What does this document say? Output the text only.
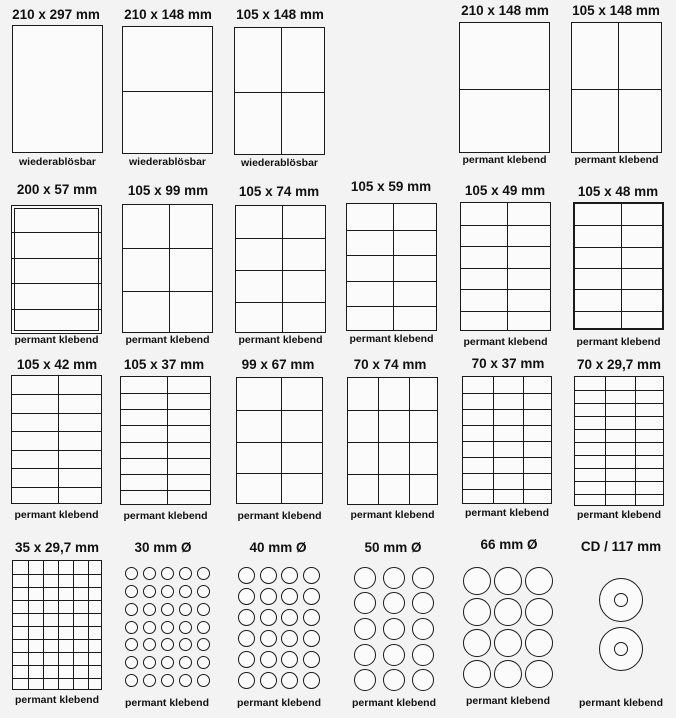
210 x 297 mm
wiederablösbar
210 x 148 mm
wiederablösbar
105 x 148 mm
wiederablösbar
210 x 148 mm
permant klebend
105 x 148 mm
permant klebend
200 x 57 mm
permant klebend
105 x 99 mm
permant klebend
105 x 74 mm
permant klebend
105 x 59 mm
permant klebend
105 x 49 mm
permant klebend
105 x 48 mm
permant klebend
105 x 42 mm
permant klebend
105 x 37 mm
permant klebend
99 x 67 mm
permant klebend
70 x 74 mm
permant klebend
70 x 37 mm
permant klebend
70 x 29,7 mm
permant klebend
35 x 29,7 mm
permant klebend
30 mm Ø
permant klebend
40 mm Ø
permant klebend
50 mm Ø
permant klebend
66 mm Ø
permant klebend
CD / 117 mm
permant klebend
